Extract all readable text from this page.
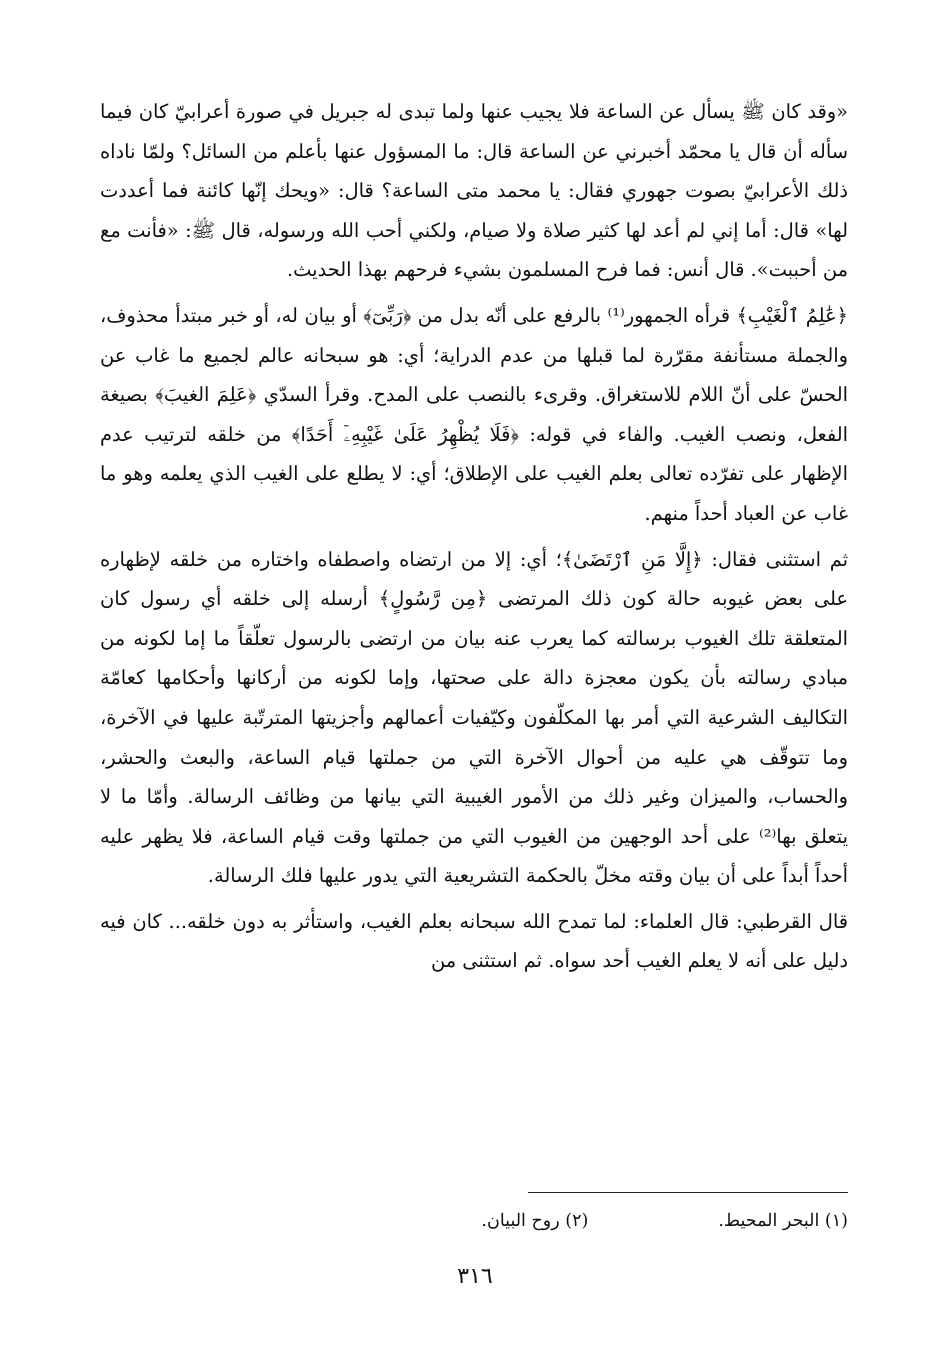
«وقد كان ﷺ يسأل عن الساعة فلا يجيب عنها ولما تبدى له جبريل في صورة أعرابيّ كان فيما سأله أن قال يا محمّد أخبرني عن الساعة قال: ما المسؤول عنها بأعلم من السائل؟ ولمّا ناداه ذلك الأعرابيّ بصوت جهوري فقال: يا محمد متى الساعة؟ قال: «ويحك إنّها كائنة فما أعددت لها» قال: أما إني لم أعد لها كثير صلاة ولا صيام، ولكني أحب الله ورسوله، قال ﷺ: «فأنت مع من أحببت». قال أنس: فما فرح المسلمون بشيء فرحهم بهذا الحديث.

﴿عَٰلِمُ ٱلْغَيْبِ﴾ قرأه الجمهور⁽¹⁾ بالرفع على أنّه بدل من ﴿رَبِّىٓ﴾ أو بيان له، أو خبر مبتدأ محذوف، والجملة مستأنفة مقرّرة لما قبلها من عدم الدراية؛ أي: هو سبحانه عالم لجميع ما غاب عن الحسّ على أنّ اللام للاستغراق. وقرىء بالنصب على المدح. وقرأ السدّي ﴿عَلِمَ الغيبَ﴾ بصيغة الفعل، ونصب الغيب. والفاء في قوله: ﴿فَلَا يُظْهِرُ عَلَىٰ غَيْبِهِۦٓ أَحَدًا﴾ من خلقه لترتيب عدم الإظهار على تفرّده تعالى بعلم الغيب على الإطلاق؛ أي: لا يطلع على الغيب الذي يعلمه وهو ما غاب عن العباد أحداً منهم.

ثم استثنى فقال: ﴿إِلَّا مَنِ ٱرْتَضَىٰ﴾؛ أي: إلا من ارتضاه واصطفاه واختاره من خلقه لإظهاره على بعض غيوبه حالة كون ذلك المرتضى ﴿مِن رَّسُولٍ﴾ أرسله إلى خلقه أي رسول كان المتعلقة تلك الغيوب برسالته كما يعرب عنه بيان من ارتضى بالرسول تعلّقاً ما إما لكونه من مبادي رسالته بأن يكون معجزة دالة على صحتها، وإما لكونه من أركانها وأحكامها كعامّة التكاليف الشرعية التي أمر بها المكلّفون وكيّفيات أعمالهم وأجزيتها المترتّبة عليها في الآخرة، وما تتوقّف هي عليه من أحوال الآخرة التي من جملتها قيام الساعة، والبعث والحشر، والحساب، والميزان وغير ذلك من الأمور الغيبية التي بيانها من وظائف الرسالة. وأمّا ما لا يتعلق بها⁽²⁾ على أحد الوجهين من الغيوب التي من جملتها وقت قيام الساعة، فلا يظهر عليه أحداً أبداً على أن بيان وقته مخلّ بالحكمة التشريعية التي يدور عليها فلك الرسالة.

قال القرطبي: قال العلماء: لما تمدح الله سبحانه بعلم الغيب، واستأثر به دون خلقه... كان فيه دليل على أنه لا يعلم الغيب أحد سواه. ثم استثنى من

(١) البحر المحيط.
(٢) روح البيان.
٣١٦
